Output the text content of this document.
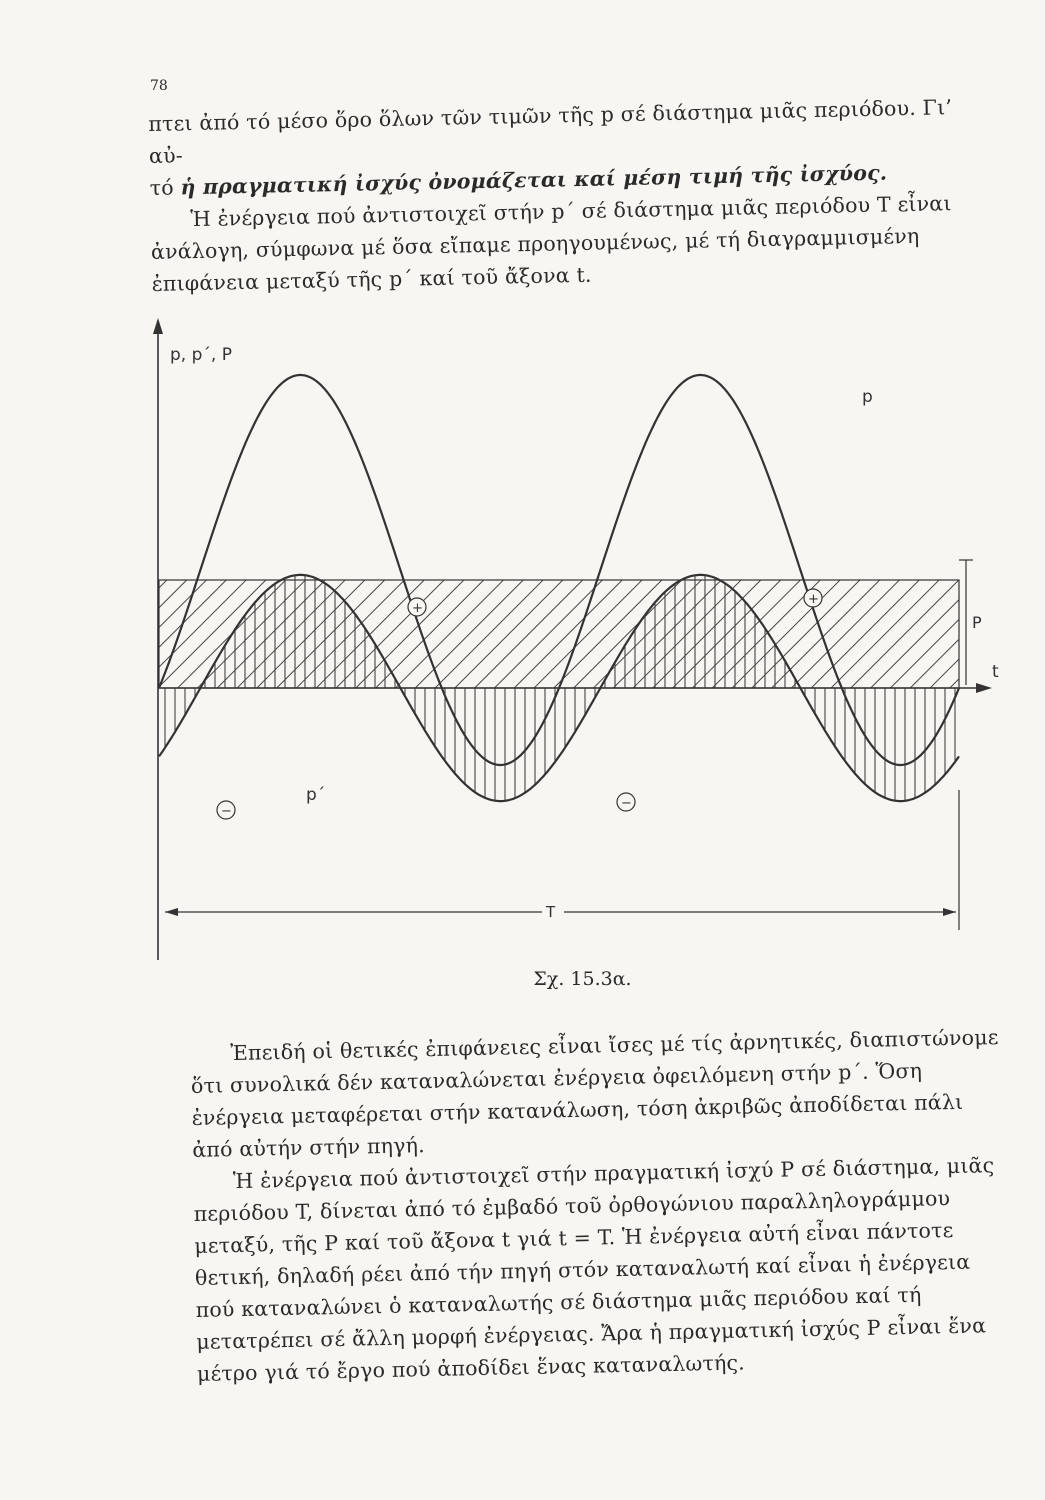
78

πτει ἀπό τό μέσο ὅρο ὅλων τῶν τιμῶν τῆς p σέ διάστημα μιᾶς περιόδου. Γι’ αὐ-
τό ἡ πραγματική ἰσχύς ὀνομάζεται καί μέση τιμή τῆς ἰσχύος.

Ἡ ἐνέργεια πού ἀντιστοιχεῖ στήν p΄ σέ διάστημα μιᾶς περιόδου T εἶναι ἀνάλογη, σύμφωνα μέ ὅσα εἴπαμε προηγουμένως, μέ τή διαγραμμισμένη ἐπιφάνεια μεταξύ τῆς p΄ καί τοῦ ἄξονα t.

P
T
p, p΄, P
t
p
p΄
+
+
−
−
Σχ. 15.3α.

Ἐπειδή οἱ θετικές ἐπιφάνειες εἶναι ἴσες μέ τίς ἀρνητικές, διαπιστώνομε ὅτι συνολικά δέν καταναλώνεται ἐνέργεια ὀφειλόμενη στήν p΄. Ὅση ἐνέργεια μεταφέρεται στήν κατανάλωση, τόση ἀκριβῶς ἀποδίδεται πάλι ἀπό αὐτήν στήν πηγή.

Ἡ ἐνέργεια πού ἀντιστοιχεῖ στήν πραγματική ἰσχύ P σέ διάστημα, μιᾶς περιόδου T, δίνεται ἀπό τό ἐμβαδό τοῦ ὀρθογώνιου παραλληλογράμμου μεταξύ, τῆς P καί τοῦ ἄξονα t γιά t = T. Ἡ ἐνέργεια αὐτή εἶναι πάντοτε θετική, δηλαδή ρέει ἀπό τήν πηγή στόν καταναλωτή καί εἶναι ἡ ἐνέργεια πού καταναλώνει ὁ καταναλωτής σέ διάστημα μιᾶς περιόδου καί τή μετατρέπει σέ ἄλλη μορφή ἐνέργειας. Ἄρα ἡ πραγματική ἰσχύς P εἶναι ἕνα μέτρο γιά τό ἔργο πού ἀποδίδει ἕνας καταναλωτής.
